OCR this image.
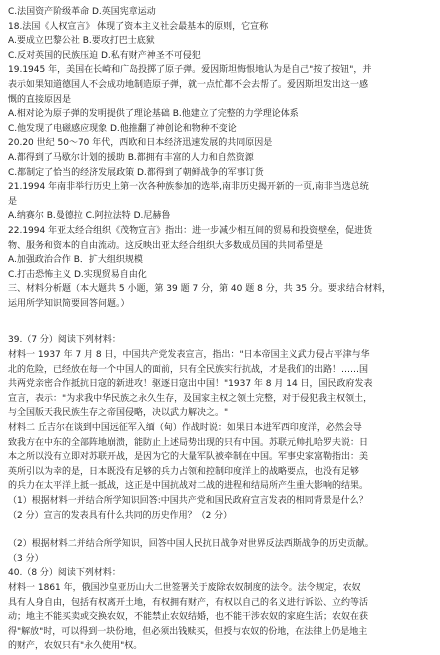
C.法国资产阶级革命 D.英国宪章运动
18.法国《人权宣言》 体现了资本主义社会最基本的原则，它宣称
A.要成立巴黎公社 B.要攻打巴士底狱
C.反对英国的民族压迫 D.私有财产神圣不可侵犯
19.1945 年，美国在长崎和广岛投掷了原子弹。爱因斯坦悔恨地认为是自己"按了按钮"，并
表示如果知道德国人不会成功地制造原子弹，就一点忙都不会去帮了。爱因斯坦发出这一感
慨的直接原因是
A.相对论为原子弹的发明提供了理论基础 B.他建立了完整的力学理论体系
C.他发现了电磁感应现象 D.他推翻了神创论和物种不变论
20.20 世纪 50～70 年代，西欧和日本经济迅速发展的共同原因是
A.都得到了马歇尔计划的援助 B.都拥有丰富的人力和自然资源
C.都制定了恰当的经济发展政策 D.都得到了朝鲜战争的军事订货
21.1994 年南非举行历史上第一次各种族参加的选举,南非历史揭开新的一页,南非当选总统
是
A.纳赛尔 B.曼德拉 C.阿拉法特 D.尼赫鲁
22.1994 年亚太经合组织《茂物宣言》指出：进一步减少相互间的贸易和投资壁垒，促进货
物、服务和资本的自由流动。这反映出亚太经合组织大多数成员国的共同希望是
A.加强政治合作 B．扩大组织规模
C.打击恐怖主义 D.实现贸易自由化
三、材料分析题（本大题共 5 小题，第 39 题 7 分，第 40 题 8 分，共 35 分。要求结合材料，
运用所学知识简要回答问题。）
39.（7 分）阅读下列材料：
材料一 1937 年 7 月 8 日，中国共产党发表宣言，指出："日本帝国主义武力侵占平津与华
北的危险，已经放在每一个中国人的面前，只有全民族实行抗战，才是我们的出路！……国
共两党亲密合作抵抗日寇的新进攻！驱逐日寇出中国！"1937 年 8 月 14 日，国民政府发表
宣言，表示："为求我中华民族之永久生存，及国家主权之领土完整，对于侵犯我主权领土，
与全国版天我民族生存之帝国侵略，决以武力解决之。"
材料二 丘吉尔在谈到中国远征军入缅（甸）作战时说：如果日本进军西印度洋，必然会导
致我方在中东的全部阵地崩溃，能防止上述局势出现的只有中国。苏联元帅扎哈罗夫说：日
本之所以没有立即对苏联开战，是因为它的大量军队被牵制在中国。军事史家富勒指出：美
英所引以为幸的是，日本既没有足够的兵力占领和控制印度洋上的战略要点，也没有足够
的兵力在太平洋上抵一抵战，这正是中国抗战对二战的进程和结局所产生重大影响的结果。
（1）根据材料一并结合所学知识回答:中国共产党和国民政府宣言发表的相同背景是什么？
（2 分）宣言的发表具有什么共同的历史作用？（2 分）
（2）根据材料二并结合所学知识，回答中国人民抗日战争对世界反法西斯战争的历史贡献。
（3 分）
40.（8 分）阅读下列材料：
材料一 1861 年，俄国沙皇亚历山大二世签署关于废除农奴制度的法令。法令规定，农奴
具有人身自由，包括有权离开土地，有权拥有财产，有权以自己的名义进行诉讼、立约等活
动；地主不能买卖或交换农奴，不能禁止农奴结婚，也不能干涉农奴的家庭生活；农奴在获
得"解放"时，可以得到一块份地，但必须出钱赎买，但授与农奴的份地，在法律上仍是地主
的财产，农奴只有"永久使用"权。
